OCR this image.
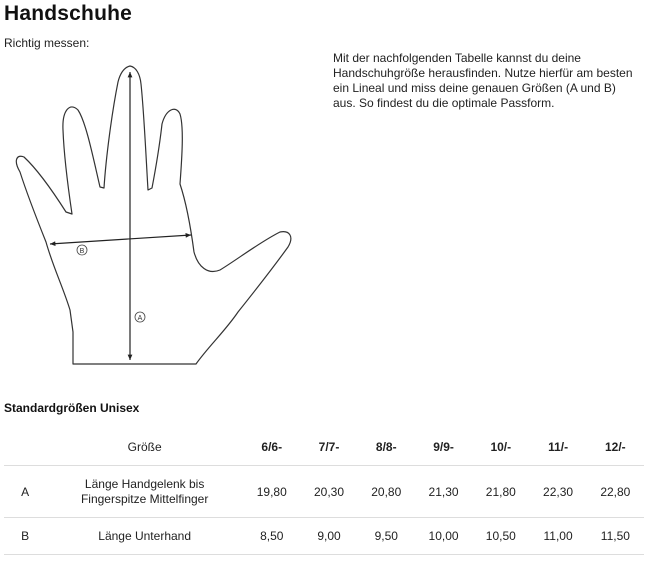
Handschuhe
Richtig messen:
A
B
Mit der nachfolgenden Tabelle kannst du deine Handschuhgröße herausfinden. Nutze hierfür am besten ein Lineal und miss deine genauen Größen (A und B) aus. So findest du die optimale Passform.
Standardgrößen Unisex
	Größe	6/6-	7/7-	8/8-	9/9-	10/-	11/-	12/-
A	Länge Handgelenk bis
Fingerspitze Mittelfinger	19,80	20,30	20,80	21,30	21,80	22,30	22,80
B	Länge Unterhand	8,50	9,00	9,50	10,00	10,50	11,00	11,50
